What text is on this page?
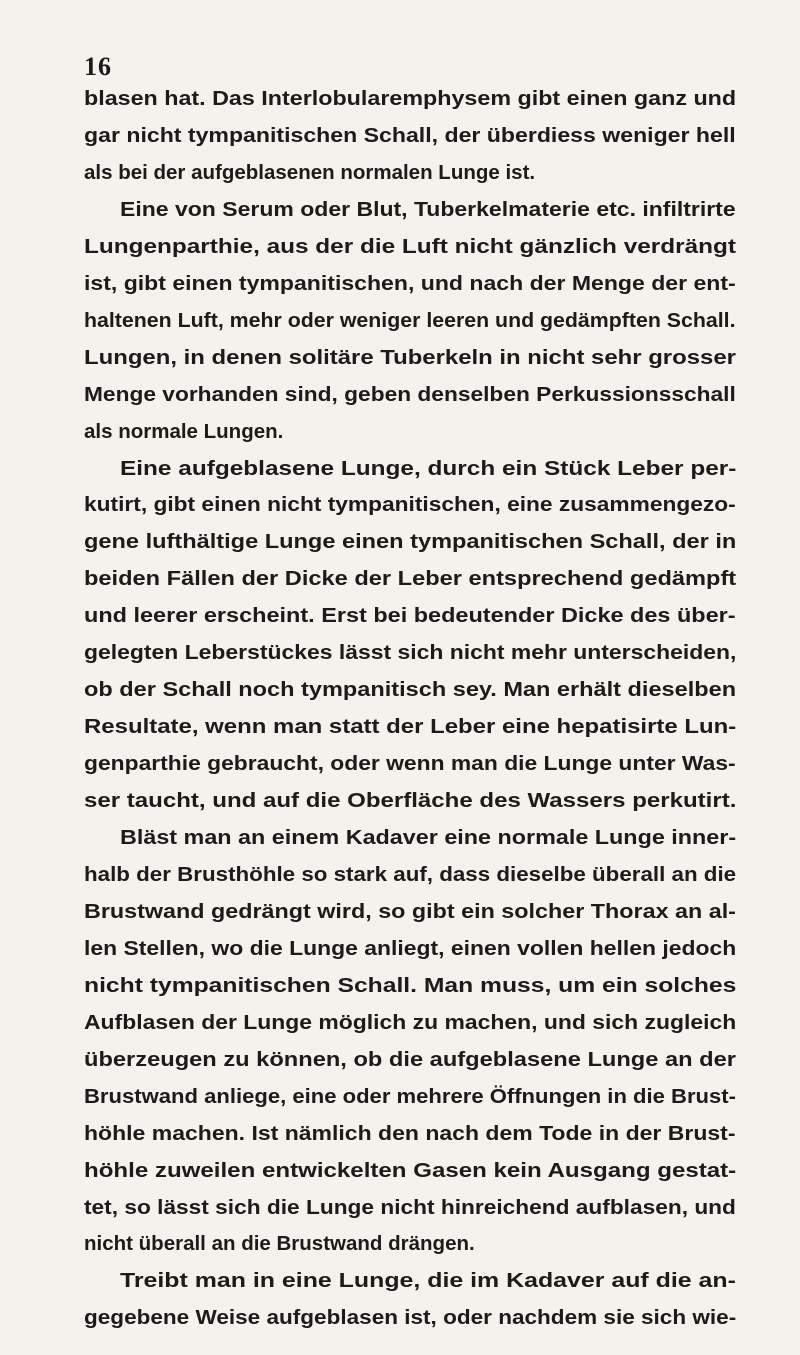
16
blasen hat. Das Interlobularemphysem gibt einen ganz und
gar nicht tympanitischen Schall, der überdiess weniger hell
als bei der aufgeblasenen normalen Lunge ist.
Eine von Serum oder Blut, Tuberkelmaterie etc. infiltrirte
Lungenparthie, aus der die Luft nicht gänzlich verdrängt
ist, gibt einen tympanitischen, und nach der Menge der ent-
haltenen Luft, mehr oder weniger leeren und gedämpften Schall.
Lungen, in denen solitäre Tuberkeln in nicht sehr grosser
Menge vorhanden sind, geben denselben Perkussionsschall
als normale Lungen.
Eine aufgeblasene Lunge, durch ein Stück Leber per-
kutirt, gibt einen nicht tympanitischen, eine zusammengezo-
gene lufthältige Lunge einen tympanitischen Schall, der in
beiden Fällen der Dicke der Leber entsprechend gedämpft
und leerer erscheint. Erst bei bedeutender Dicke des über-
gelegten Leberstückes lässt sich nicht mehr unterscheiden,
ob der Schall noch tympanitisch sey. Man erhält dieselben
Resultate, wenn man statt der Leber eine hepatisirte Lun-
genparthie gebraucht, oder wenn man die Lunge unter Was-
ser taucht, und auf die Oberfläche des Wassers perkutirt.
Bläst man an einem Kadaver eine normale Lunge inner-
halb der Brusthöhle so stark auf, dass dieselbe überall an die
Brustwand gedrängt wird, so gibt ein solcher Thorax an al-
len Stellen, wo die Lunge anliegt, einen vollen hellen jedoch
nicht tympanitischen Schall. Man muss, um ein solches
Aufblasen der Lunge möglich zu machen, und sich zugleich
überzeugen zu können, ob die aufgeblasene Lunge an der
Brustwand anliege, eine oder mehrere Öffnungen in die Brust-
höhle machen. Ist nämlich den nach dem Tode in der Brust-
höhle zuweilen entwickelten Gasen kein Ausgang gestat-
tet, so lässt sich die Lunge nicht hinreichend aufblasen, und
nicht überall an die Brustwand drängen.
Treibt man in eine Lunge, die im Kadaver auf die an-
gegebene Weise aufgeblasen ist, oder nachdem sie sich wie-
